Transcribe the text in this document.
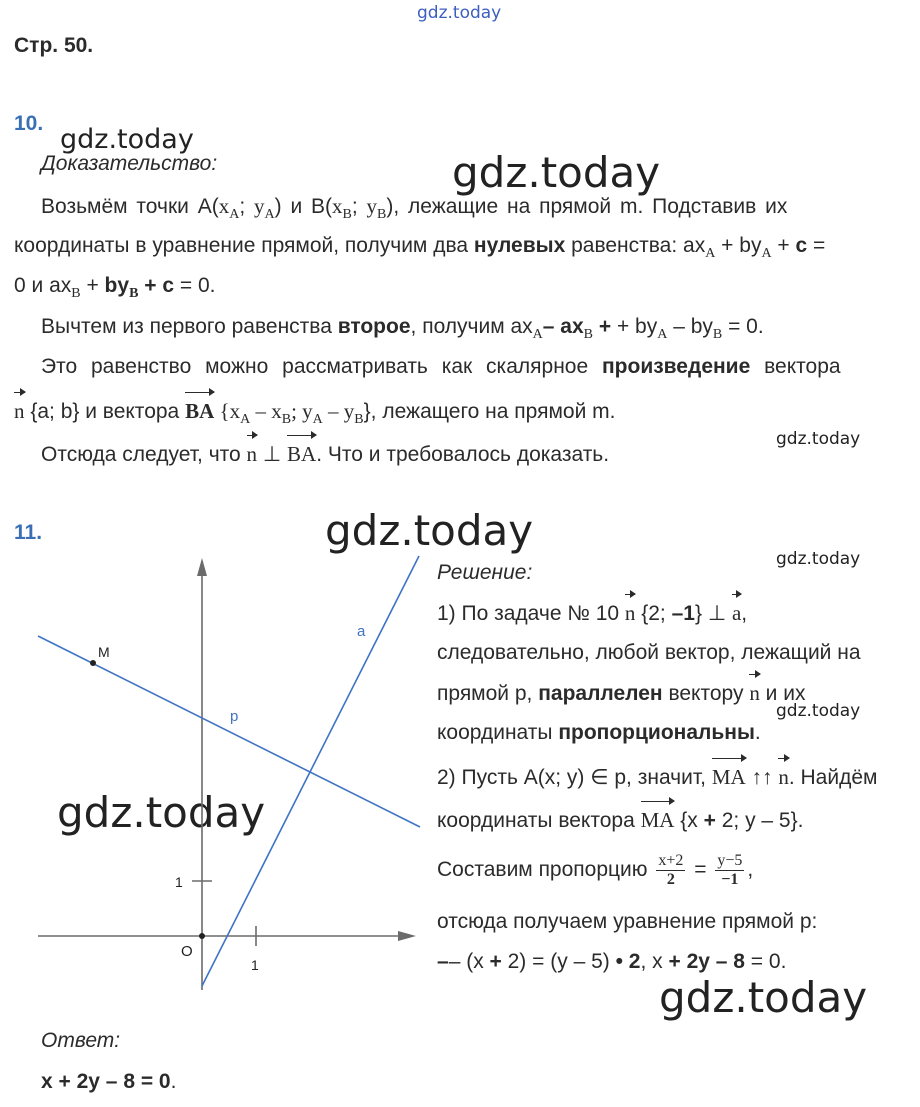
gdz.today
gdz.today
gdz.today
gdz.today
gdz.today
gdz.today
gdz.today
gdz.today
gdz.today
Стр. 50.
10.
Доказательство:
Возьмём точки $A(x_A$; $y_A$) и $B(x_B$; $y_B$), лежащие на прямой m. Подставив их
координаты в уравнение прямой, получим два нулевых равенства: $ax_A + by_A + c$ =
0 и $ax_B + by_B + c = 0$.
Вычтем из первого равенства второе, получим $ax_A-$ $ax_B$ + + $by_A - by_B = 0$.
Это равенство можно рассматривать как скалярное произведение вектора
n {a; b} и вектора BA {$x_A - x_B$; $y_A - y_B$}, лежащего на прямой m.
Отсюда следует, что n ⊥ BA. Что и требовалось доказать.
11.
M
p
a
O
1
1
Решение:
1) По задаче № 10 n {2; –1} ⊥ a,
следовательно, любой вектор, лежащий на
прямой р, параллелен вектору n и их
координаты пропорциональны.
2) Пусть A(x; y) ∈ p, значит, MA ↑↑ n. Найдём
координаты вектора MA {x + 2; y – 5}.
Составим пропорцию $\frac{x+2}{2} = \frac{y-5}{-1}$ ,
отсюда получаем уравнение прямой р:
–– (x + 2) = (y – 5) • 2, x + 2y – 8 = 0.
Ответ:
x + 2y – 8 = 0.
